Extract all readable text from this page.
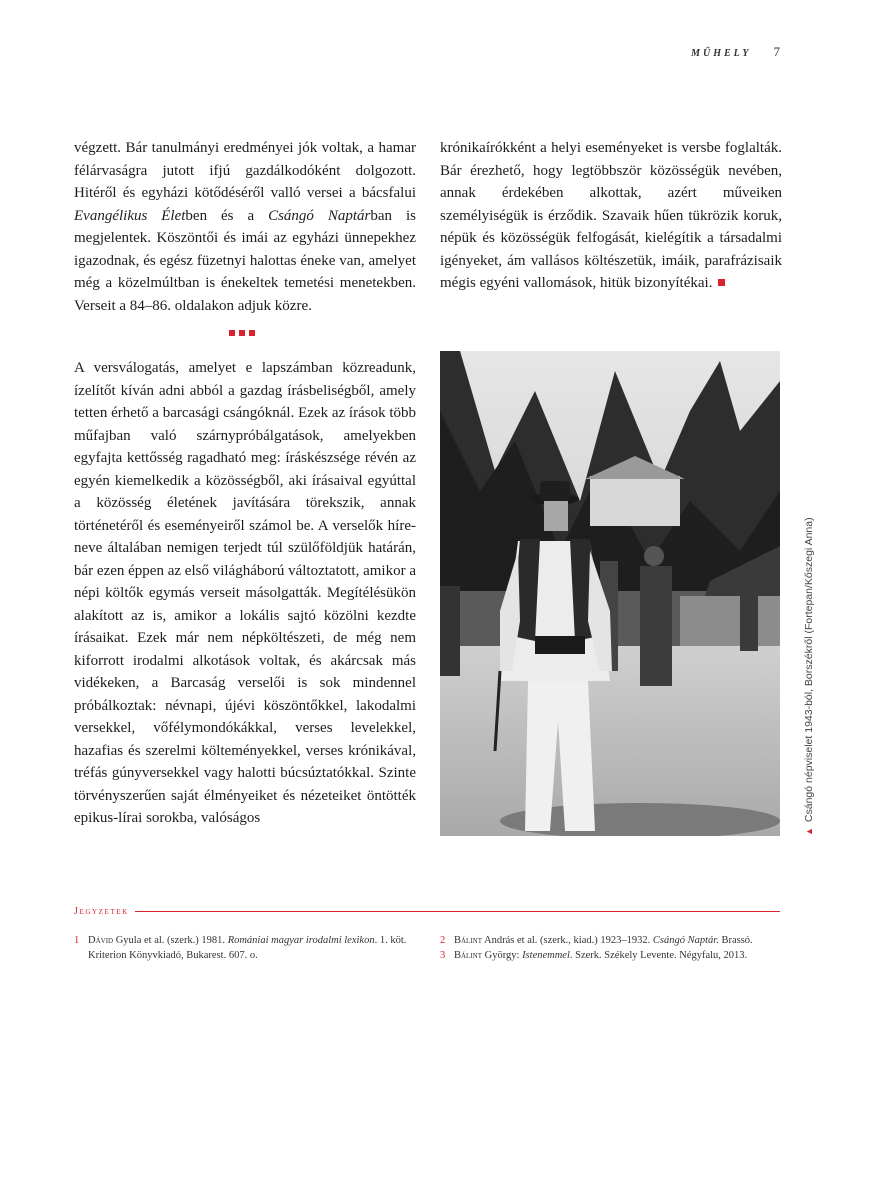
MŰHELY 7

végzett. Bár tanulmányi eredményei jók voltak, a hamar félárvaságra jutott ifjú gazdálkodóként dolgozott. Hitéről és egyházi kötődéséről valló versei a bácsfalui Evangélikus Életben és a Csángó Naptárban is megjelentek. Köszöntői és imái az egyházi ünnepekhez igazodnak, és egész füzetnyi halottas éneke van, amelyet még a közelmúltban is énekeltek temetési menetekben. Verseit a 84–86. oldalakon adjuk közre.

A versválogatás, amelyet e lapszámban közreadunk, ízelítőt kíván adni abból a gazdag írásbeliségből, amely tetten érhető a barcasági csángóknál. Ezek az írások több műfajban való szárnypróbálgatások, amelyekben egyfajta kettősség ragadható meg: íráskészsége révén az egyén kiemelkedik a közösségből, aki írásaival egyúttal a közösség életének javítására törekszik, annak történetéről és eseményeiről számol be. A verselők híre-neve általában nemigen terjedt túl szülőföldjük határán, bár ezen éppen az első világháború változtatott, amikor a népi költők egymás verseit másolgatták. Megítélésükön alakított az is, amikor a lokális sajtó közölni kezdte írásaikat. Ezek már nem népköltészeti, de még nem kiforrott irodalmi alkotások voltak, és akárcsak más vidékeken, a Barcaság verselői is sok mindennel próbálkoztak: névnapi, újévi köszöntőkkel, lakodalmi versekkel, vőfélymondókákkal, verses levelekkel, hazafias és szerelmi költeményekkel, verses krónikával, tréfás gúnyversekkel vagy halotti búcsúztatókkal. Szinte törvényszerűen saját élményeiket és nézeteiket öntötték epikus-lírai sorokba, valóságos

krónikaírókként a helyi eseményeket is versbe foglalták. Bár érezhető, hogy legtöbbször közösségük nevében, annak érdekében alkottak, azért műveiken személyiségük is érződik. Szavaik hűen tükrözik koruk, népük és közösségük felfogását, kielégítik a társadalmi igényeket, ám vallásos költészetük, imáik, parafrázisaik mégis egyéni vallomások, hitük bizonyítékai.

▲Csángó népviselet 1943-ból, Borszékről (Fortepan/Kőszegi Anna)
Jegyzetek
1 Dávid Gyula et al. (szerk.) 1981. Romániai magyar irodalmi lexikon. 1. köt. Kriterion Könyvkiadó, Bukarest. 607. o.
2 Bálint András et al. (szerk., kiad.) 1923–1932. Csángó Naptár. Brassó.
3 Bálint György: Istenemmel. Szerk. Székely Levente. Négyfalu, 2013.
